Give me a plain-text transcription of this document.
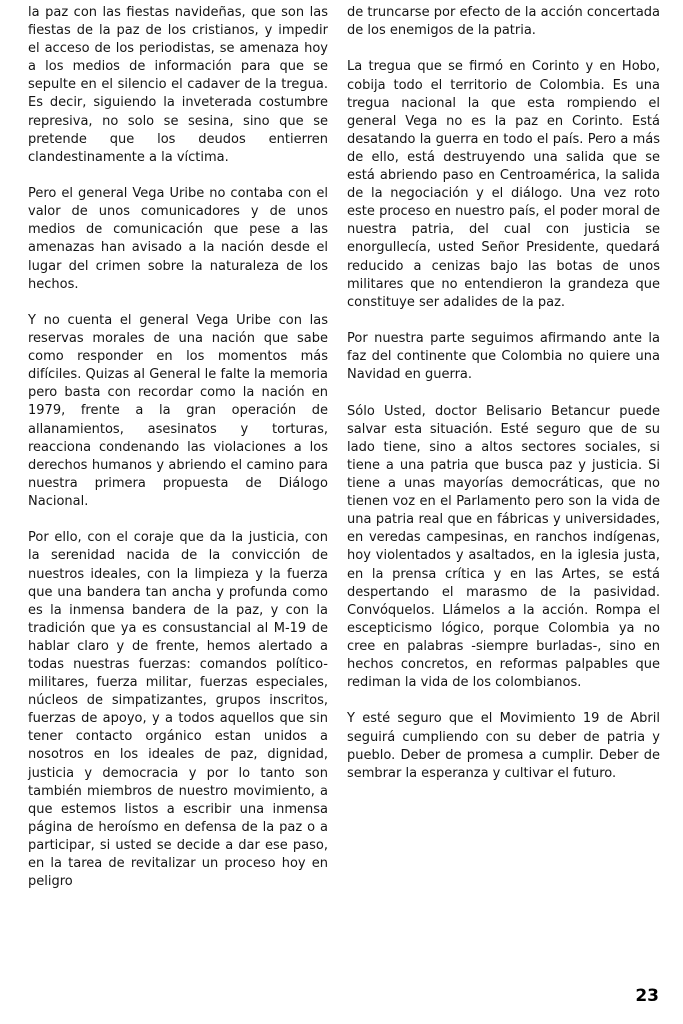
la paz con las fiestas navideñas, que son las fiestas de la paz de los cristianos, y impedir el acceso de los periodistas, se amenaza hoy a los medios de información para que se sepulte en el silencio el cadaver de la tregua. Es decir, siguiendo la inveterada costumbre represiva, no solo se sesina, sino que se pretende que los deudos entierren clandestinamente a la víctima.

Pero el general Vega Uribe no contaba con el valor de unos comunicadores y de unos medios de comunicación que pese a las amenazas han avisado a la nación desde el lugar del crimen sobre la naturaleza de los hechos.

Y no cuenta el general Vega Uribe con las reservas morales de una nación que sabe como responder en los momentos más difíciles. Quizas al General le falte la memoria pero basta con recordar como la nación en 1979, frente a la gran operación de allanamientos, asesinatos y torturas, reacciona condenando las violaciones a los derechos humanos y abriendo el camino para nuestra primera propuesta de Diálogo Nacional.

Por ello, con el coraje que da la justicia, con la serenidad nacida de la convicción de nuestros ideales, con la limpieza y la fuerza que una bandera tan ancha y profunda como es la inmensa bandera de la paz, y con la tradición que ya es consustancial al M-19 de hablar claro y de frente, hemos alertado a todas nuestras fuerzas: comandos político-militares, fuerza militar, fuerzas especiales, núcleos de simpatizantes, grupos inscritos, fuerzas de apoyo, y a todos aquellos que sin tener contacto orgánico estan unidos a nosotros en los ideales de paz, dignidad, justicia y democracia y por lo tanto son también miembros de nuestro movimiento, a que estemos listos a escribir una inmensa página de heroísmo en defensa de la paz o a participar, si usted se decide a dar ese paso, en la tarea de revitalizar un proceso hoy en peligro

de truncarse por efecto de la acción concertada de los enemigos de la patria.

La tregua que se firmó en Corinto y en Hobo, cobija todo el territorio de Colombia. Es una tregua nacional la que esta rompiendo el general Vega no es la paz en Corinto. Está desatando la guerra en todo el país. Pero a más de ello, está destruyendo una salida que se está abriendo paso en Centroamérica, la salida de la negociación y el diálogo. Una vez roto este proceso en nuestro país, el poder moral de nuestra patria, del cual con justicia se enorgullecía, usted Señor Presidente, quedará reducido a cenizas bajo las botas de unos militares que no entendieron la grandeza que constituye ser adalides de la paz.

Por nuestra parte seguimos afirmando ante la faz del continente que Colombia no quiere una Navidad en guerra.

Sólo Usted, doctor Belisario Betancur puede salvar esta situación. Esté seguro que de su lado tiene, sino a altos sectores sociales, si tiene a una patria que busca paz y justicia. Si tiene a unas mayorías democráticas, que no tienen voz en el Parlamento pero son la vida de una patria real que en fábricas y universidades, en veredas campesinas, en ranchos indígenas, hoy violentados y asaltados, en la iglesia justa, en la prensa crítica y en las Artes, se está despertando el marasmo de la pasividad. Convóquelos. Llámelos a la acción. Rompa el escepticismo lógico, porque Colombia ya no cree en palabras -siempre burladas-, sino en hechos concretos, en reformas palpables que rediman la vida de los colombianos.

Y esté seguro que el Movimiento 19 de Abril seguirá cumpliendo con su deber de patria y pueblo. Deber de promesa a cumplir. Deber de sembrar la esperanza y cultivar el futuro.

23
